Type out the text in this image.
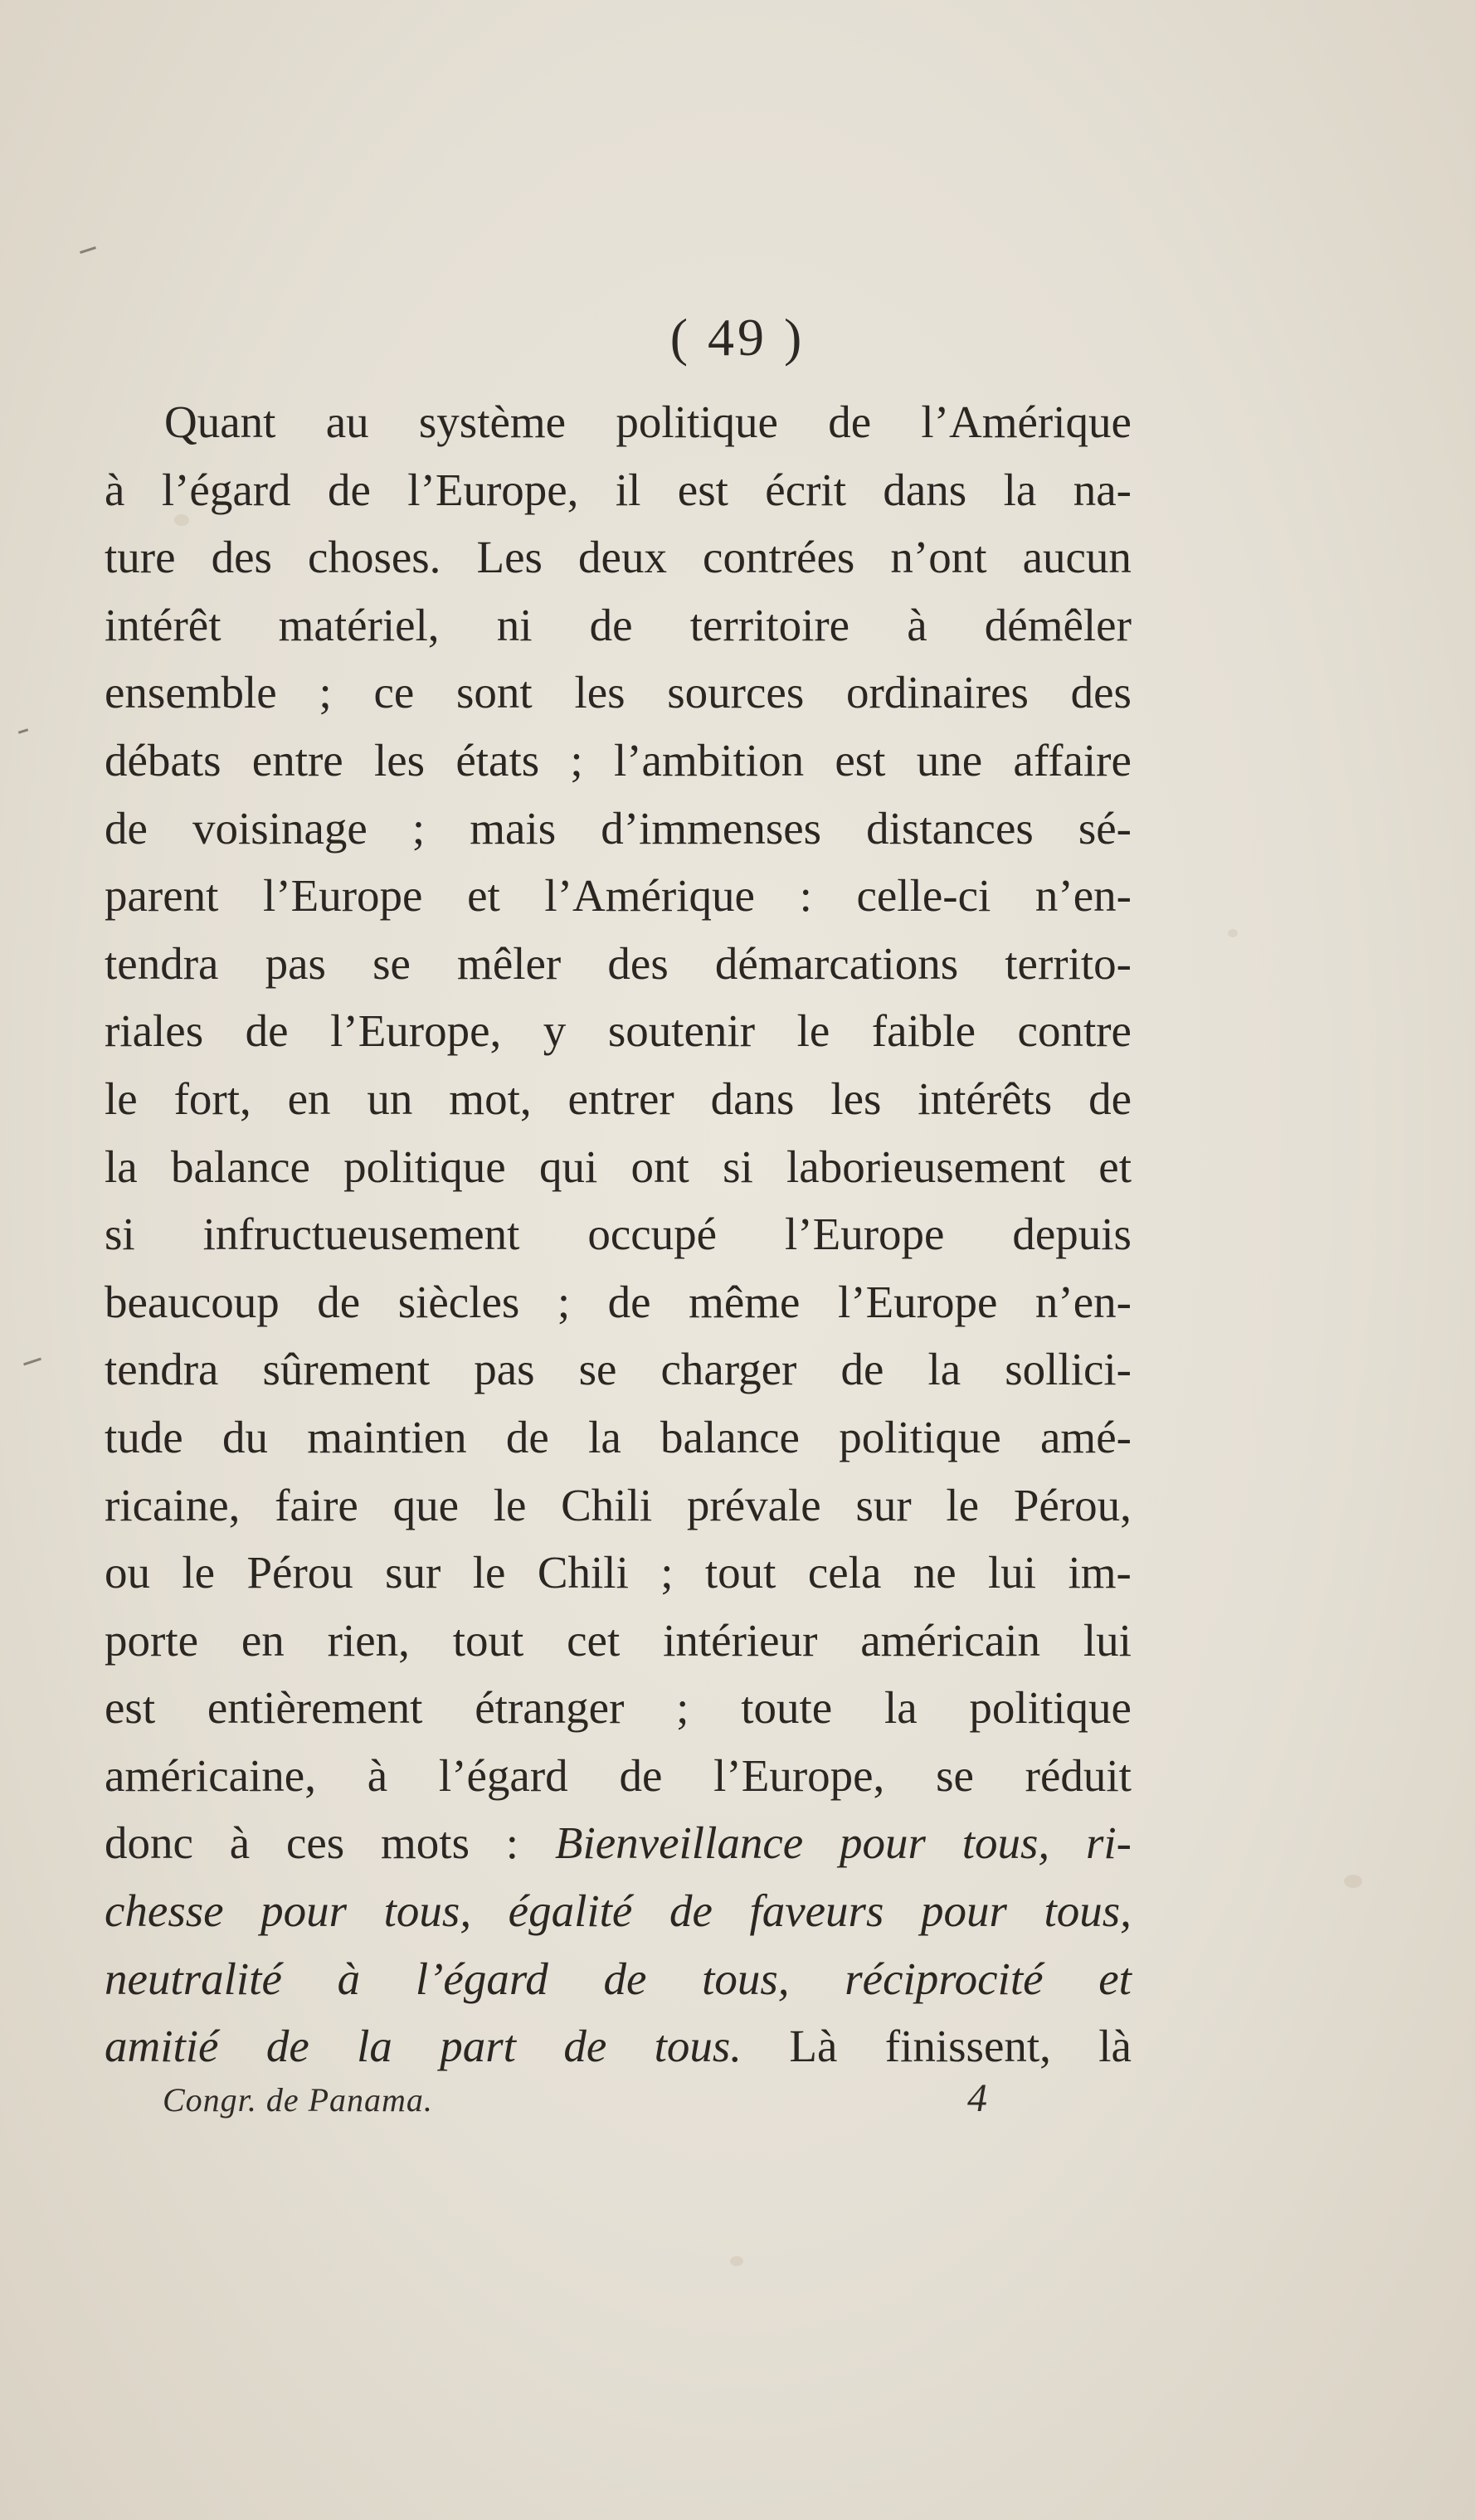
( 49 )
Quant au système politique de l’Amérique
à l’égard de l’Europe, il est écrit dans la na-
ture des choses. Les deux contrées n’ont aucun
intérêt matériel, ni de territoire à démêler
ensemble ; ce sont les sources ordinaires des
débats entre les états ; l’ambition est une affaire
de voisinage ; mais d’immenses distances sé-
parent l’Europe et l’Amérique : celle-ci n’en-
tendra pas se mêler des démarcations territo-
riales de l’Europe, y soutenir le faible contre
le fort, en un mot, entrer dans les intérêts de
la balance politique qui ont si laborieusement et
si infructueusement occupé l’Europe depuis
beaucoup de siècles ; de même l’Europe n’en-
tendra sûrement pas se charger de la sollici-
tude du maintien de la balance politique amé-
ricaine, faire que le Chili prévale sur le Pérou,
ou le Pérou sur le Chili ; tout cela ne lui im-
porte en rien, tout cet intérieur américain lui
est entièrement étranger ; toute la politique
américaine, à l’égard de l’Europe, se réduit
donc à ces mots : Bienveillance pour tous, ri-
chesse pour tous, égalité de faveurs pour tous,
neutralité à l’égard de tous, réciprocité et
amitié de la part de tous. Là finissent, là
Congr. de Panama.	4
